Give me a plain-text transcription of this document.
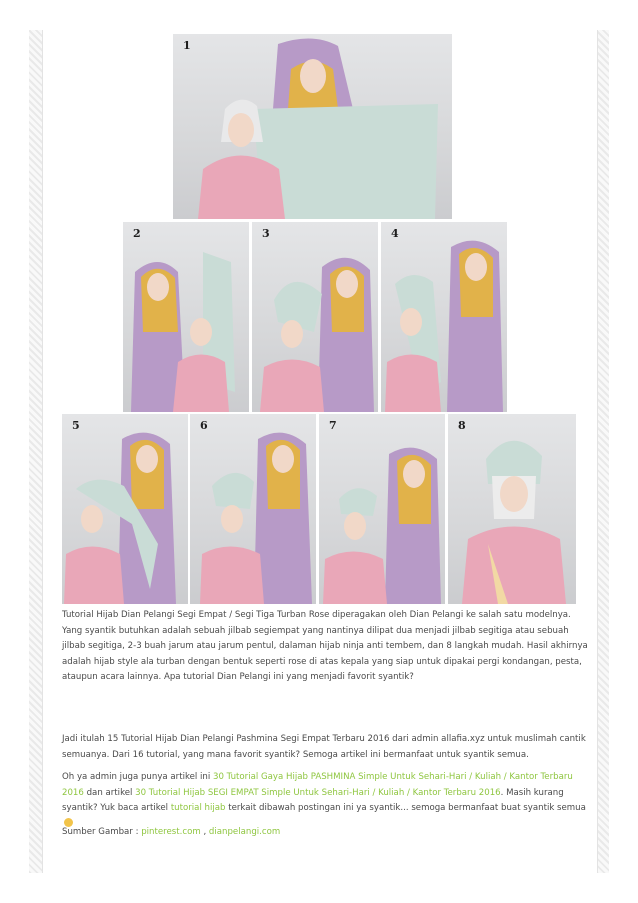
1
2	3	4
5	6	7	8

Tutorial Hijab Dian Pelangi Segi Empat / Segi Tiga Turban Rose diperagakan oleh Dian Pelangi ke salah satu modelnya. Yang syantik butuhkan adalah sebuah jilbab segiempat yang nantinya dilipat dua menjadi jilbab segitiga atau sebuah jilbab segitiga, 2-3 buah jarum atau jarum pentul, dalaman hijab ninja anti tembem, dan 8 langkah mudah. Hasil akhirnya adalah hijab style ala turban dengan bentuk seperti rose di atas kepala yang siap untuk dipakai pergi kondangan, pesta, ataupun acara lainnya. Apa tutorial Dian Pelangi ini yang menjadi favorit syantik?

Jadi itulah 15 Tutorial Hijab Dian Pelangi Pashmina Segi Empat Terbaru 2016 dari admin allafia.xyz untuk muslimah cantik semuanya. Dari 16 tutorial, yang mana favorit syantik? Semoga artikel ini bermanfaat untuk syantik semua.

Oh ya admin juga punya artikel ini 30 Tutorial Gaya Hijab PASHMINA Simple Untuk Sehari-Hari / Kuliah / Kantor Terbaru 2016 dan artikel 30 Tutorial Hijab SEGI EMPAT Simple Untuk Sehari-Hari / Kuliah / Kantor Terbaru 2016. Masih kurang syantik? Yuk baca artikel tutorial hijab terkait dibawah postingan ini ya syantik... semoga bermanfaat buat syantik semua

Sumber Gambar : pinterest.com , dianpelangi.com
